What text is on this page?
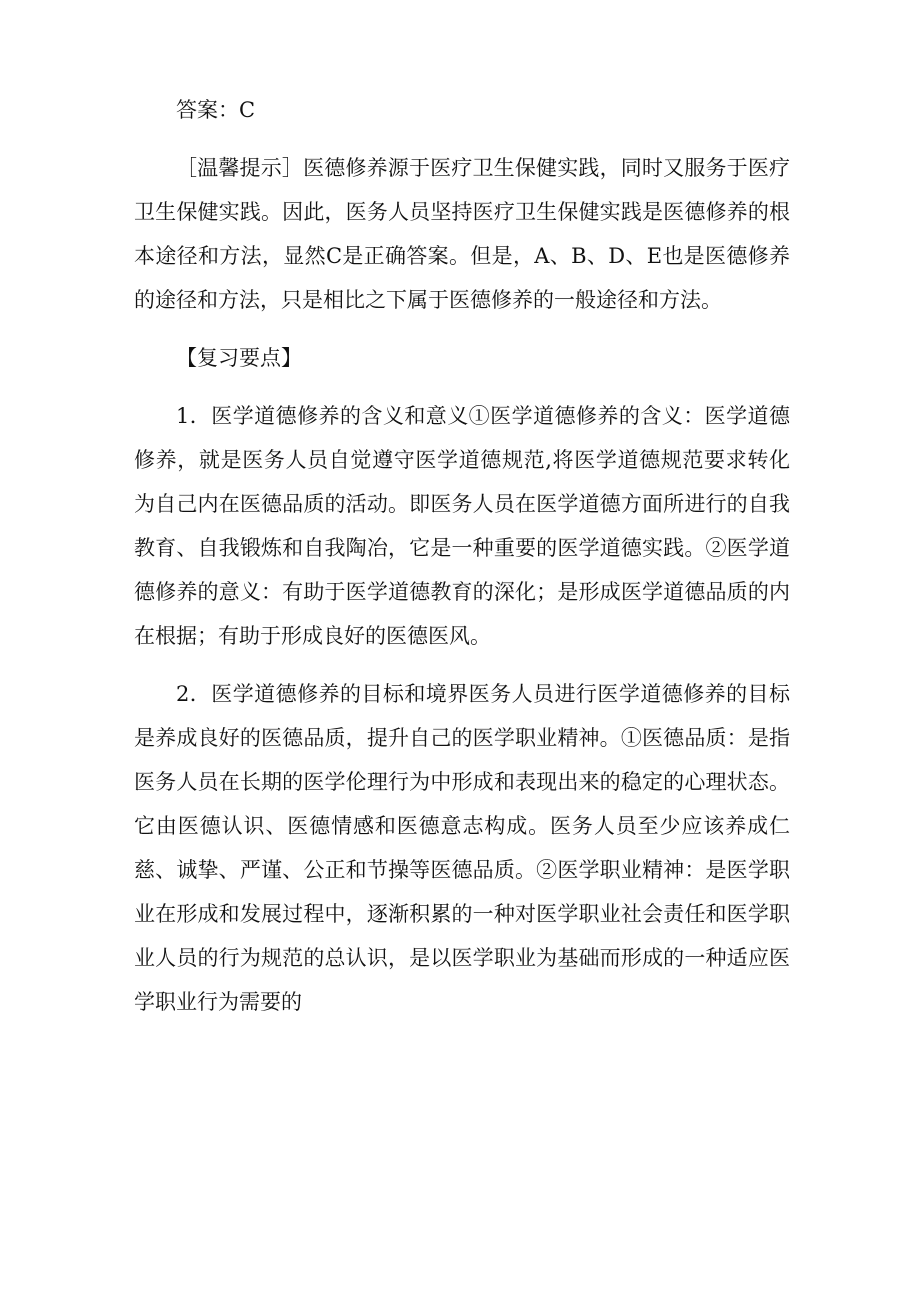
答案：C

［温馨提示］医德修养源于医疗卫生保健实践，同时又服务于医疗卫生保健实践。因此，医务人员坚持医疗卫生保健实践是医德修养的根本途径和方法，显然C是正确答案。但是，A、B、D、E也是医德修养的途径和方法，只是相比之下属于医德修养的一般途径和方法。

【复习要点】

1．医学道德修养的含义和意义①医学道德修养的含义：医学道德修养，就是医务人员自觉遵守医学道德规范,将医学道德规范要求转化为自己内在医德品质的活动。即医务人员在医学道德方面所进行的自我教育、自我锻炼和自我陶冶，它是一种重要的医学道德实践。②医学道德修养的意义：有助于医学道德教育的深化；是形成医学道德品质的内在根据；有助于形成良好的医德医风。

2．医学道德修养的目标和境界医务人员进行医学道德修养的目标是养成良好的医德品质，提升自己的医学职业精神。①医德品质：是指医务人员在长期的医学伦理行为中形成和表现出来的稳定的心理状态。它由医德认识、医德情感和医德意志构成。医务人员至少应该养成仁慈、诚挚、严谨、公正和节操等医德品质。②医学职业精神：是医学职业在形成和发展过程中，逐渐积累的一种对医学职业社会责任和医学职业人员的行为规范的总认识，是以医学职业为基础而形成的一种适应医学职业行为需要的
